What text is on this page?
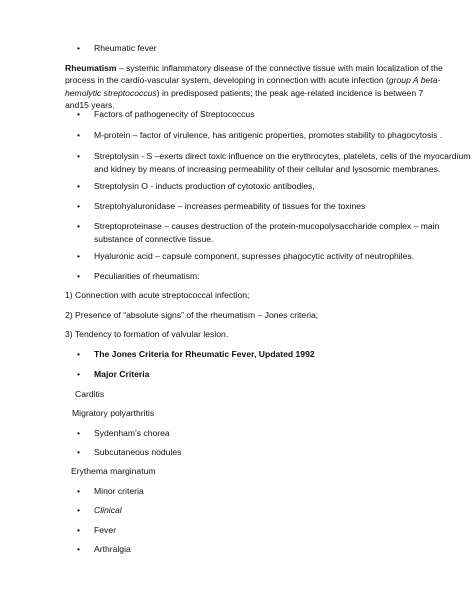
• Rheumatic fever
Rheumatism – systemic inflammatory disease of the connective tissue with main localization of the process in the cardio-vascular system, developing in connection with acute infection (group A beta-hemolytic streptococcus) in predisposed patients; the peak age-related incidence is between 7 and15 years.
• Factors of pathogenecity of Streptococcus
• M-protein – factor of virulence, has antigenic properties, promotes stability to phagocytosis .
• Streptolysin - S –exerts direct toxic influence on the erythrocytes, platelets, cells of the myocardium
and kidney by means of increasing permeability of their cellular and lysosomic membranes.
• Streptolysin O - inducts production of cytotoxic antibodies,
• Streptohyaluronidase – increases permeability of tissues for the toxines
• Streptoproteinase – causes destruction of the protein-mucopolysaccharide complex – main
substance of connective tissue.
• Hyaluronic acid – capsule component, supresses phagocytic activity of neutrophiles.
• Peculiarities of rheumatism:
1) Connection with acute streptococcal infection;
2) Presence of “absolute signs” of the rheumatism – Jones criteria;
3) Tendency to formation of valvular lesion.
• The Jones Criteria for Rheumatic Fever, Updated 1992
• Major Criteria
Carditis
Migratory polyarthritis
• Sydenham's chorea
• Subcutaneous nodules
Erythema marginatum
• Minor criteria
• Clinical
• Fever
• Arthralgia
